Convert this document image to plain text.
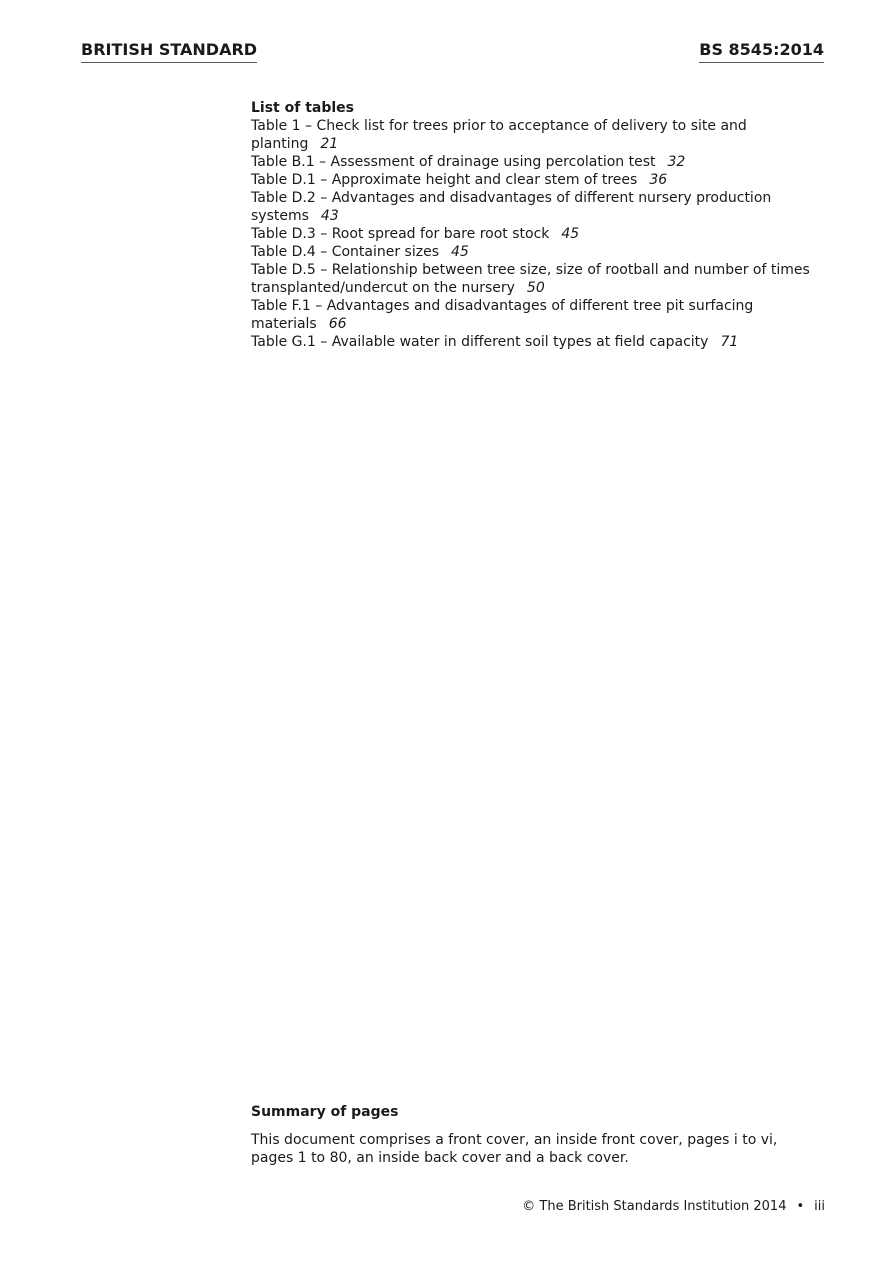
BRITISH STANDARD	BS 8545:2014
List of tables
Table 1 – Check list for trees prior to acceptance of delivery to site and planting 21
Table B.1 – Assessment of drainage using percolation test 32
Table D.1 – Approximate height and clear stem of trees 36
Table D.2 – Advantages and disadvantages of different nursery production systems 43
Table D.3 – Root spread for bare root stock 45
Table D.4 – Container sizes 45
Table D.5 – Relationship between tree size, size of rootball and number of times transplanted/undercut on the nursery 50
Table F.1 – Advantages and disadvantages of different tree pit surfacing materials 66
Table G.1 – Available water in different soil types at field capacity 71
Summary of pages
This document comprises a front cover, an inside front cover, pages i to vi, pages 1 to 80, an inside back cover and a back cover.
© The British Standards Institution 2014 • iii
